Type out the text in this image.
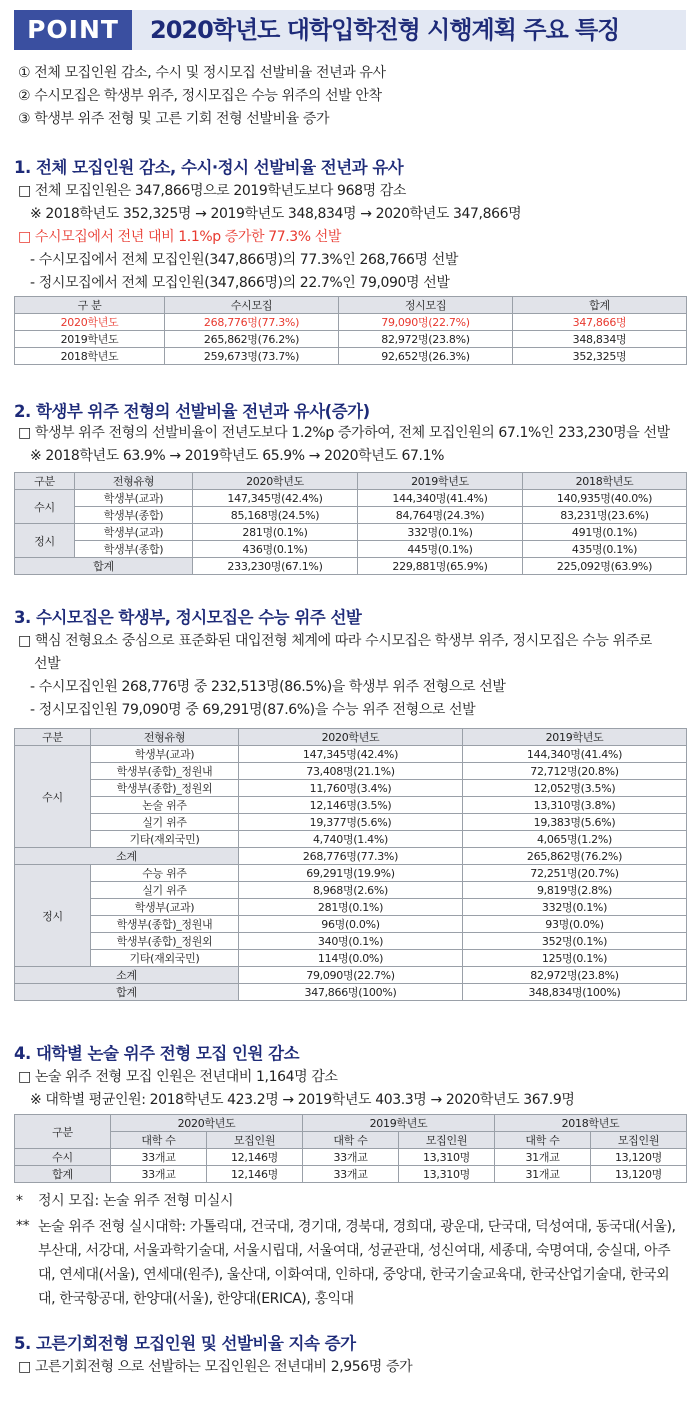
POINT	2020학년도 대학입학전형 시행계획 주요 특징
① 전체 모집인원 감소, 수시 및 정시모집 선발비율 전년과 유사
② 수시모집은 학생부 위주, 정시모집은 수능 위주의 선발 안착
③ 학생부 위주 전형 및 고른 기회 전형 선발비율 증가
1. 전체 모집인원 감소, 수시·정시 선발비율 전년과 유사
□ 전체 모집인원은 347,866명으로 2019학년도보다 968명 감소
※ 2018학년도 352,325명 → 2019학년도 348,834명 → 2020학년도 347,866명
□ 수시모집에서 전년 대비 1.1%p 증가한 77.3% 선발
- 수시모집에서 전체 모집인원(347,866명)의 77.3%인 268,766명 선발
- 정시모집에서 전체 모집인원(347,866명)의 22.7%인 79,090명 선발
구 분	수시모집	정시모집	합계
2020학년도	268,776명(77.3%)	79,090명(22.7%)	347,866명
2019학년도	265,862명(76.2%)	82,972명(23.8%)	348,834명
2018학년도	259,673명(73.7%)	92,652명(26.3%)	352,325명
2. 학생부 위주 전형의 선발비율 전년과 유사(증가)
□ 학생부 위주 전형의 선발비율이 전년도보다 1.2%p 증가하여, 전체 모집인원의 67.1%인 233,230명을 선발
※ 2018학년도 63.9% → 2019학년도 65.9% → 2020학년도 67.1%
구분	전형유형	2020학년도	2019학년도	2018학년도
수시	학생부(교과)	147,345명(42.4%)	144,340명(41.4%)	140,935명(40.0%)
	학생부(종합)	85,168명(24.5%)	84,764명(24.3%)	83,231명(23.6%)
정시	학생부(교과)	281명(0.1%)	332명(0.1%)	491명(0.1%)
	학생부(종합)	436명(0.1%)	445명(0.1%)	435명(0.1%)
합계		233,230명(67.1%)	229,881명(65.9%)	225,092명(63.9%)
3. 수시모집은 학생부, 정시모집은 수능 위주 선발
□ 핵심 전형요소 중심으로 표준화된 대입전형 체계에 따라 수시모집은 학생부 위주, 정시모집은 수능 위주로
선발
- 수시모집인원 268,776명 중 232,513명(86.5%)을 학생부 위주 전형으로 선발
- 정시모집인원 79,090명 중 69,291명(87.6%)을 수능 위주 전형으로 선발
구분	전형유형	2020학년도	2019학년도
수시	학생부(교과)	147,345명(42.4%)	144,340명(41.4%)
	학생부(종합)_정원내	73,408명(21.1%)	72,712명(20.8%)
	학생부(종합)_정원외	11,760명(3.4%)	12,052명(3.5%)
	논술 위주	12,146명(3.5%)	13,310명(3.8%)
	실기 위주	19,377명(5.6%)	19,383명(5.6%)
	기타(재외국민)	4,740명(1.4%)	4,065명(1.2%)
소계		268,776명(77.3%)	265,862명(76.2%)
정시	수능 위주	69,291명(19.9%)	72,251명(20.7%)
	실기 위주	8,968명(2.6%)	9,819명(2.8%)
	학생부(교과)	281명(0.1%)	332명(0.1%)
	학생부(종합)_정원내	96명(0.0%)	93명(0.0%)
	학생부(종합)_정원외	340명(0.1%)	352명(0.1%)
	기타(재외국민)	114명(0.0%)	125명(0.1%)
소계		79,090명(22.7%)	82,972명(23.8%)
합계		347,866명(100%)	348,834명(100%)
4. 대학별 논술 위주 전형 모집 인원 감소
□ 논술 위주 전형 모집 인원은 전년대비 1,164명 감소
※ 대학별 평균인원: 2018학년도 423.2명 → 2019학년도 403.3명 → 2020학년도 367.9명
구분	2020학년도		2019학년도		2018학년도	
	대학 수	모집인원	대학 수	모집인원	대학 수	모집인원
수시	33개교	12,146명	33개교	13,310명	31개교	13,120명
합계	33개교	12,146명	33개교	13,310명	31개교	13,120명
*	정시 모집: 논술 위주 전형 미실시
** 논술 위주 전형 실시대학: 가톨릭대, 건국대, 경기대, 경북대, 경희대, 광운대, 단국대, 덕성여대, 동국대(서울), 부산대, 서강대, 서울과학기술대, 서울시립대, 서울여대, 성균관대, 성신여대, 세종대, 숙명여대, 숭실대, 아주대, 연세대(서울), 연세대(원주), 울산대, 이화여대, 인하대, 중앙대, 한국기술교육대, 한국산업기술대, 한국외대, 한국항공대, 한양대(서울), 한양대(ERICA), 홍익대
5. 고른기회전형 모집인원 및 선발비율 지속 증가
□ 고른기회전형 으로 선발하는 모집인원은 전년대비 2,956명 증가
